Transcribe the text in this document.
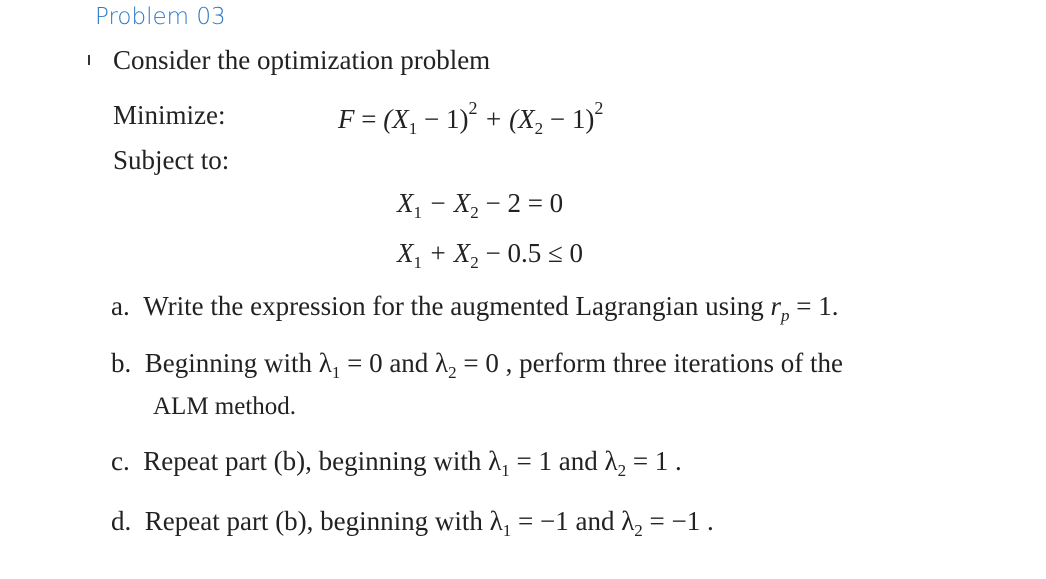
Problem 03
Consider the optimization problem
Minimize:	$F = (X_1 - 1)^2 + (X_2 - 1)^2$
Subject to:
$X_1 - X_2 - 2 = 0$
$X_1 + X_2 - 0.5 \le 0$
a. Write the expression for the augmented Lagrangian using $r_p = 1$.
b. Beginning with $\lambda_1 = 0$ and $\lambda_2 = 0$ , perform three iterations of the
ALM method.
c. Repeat part (b), beginning with $\lambda_1 = 1$ and $\lambda_2 = 1$ .
d. Repeat part (b), beginning with $\lambda_1 = -1$ and $\lambda_2 = -1$ .
